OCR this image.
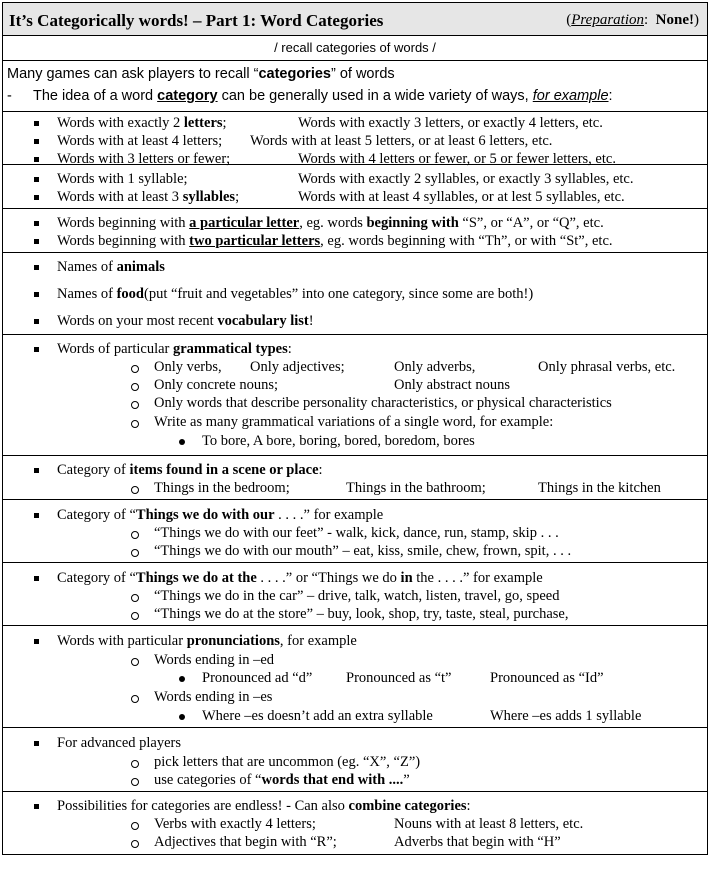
It’s Categorically words! – Part 1: Word Categories	(Preparation:  None!)

/ recall categories of words /

Many games can ask players to recall “categories” of words
- The idea of a word category can be generally used in a wide variety of ways, for example:

Words with exactly 2 letters;	Words with exactly 3 letters, or exactly 4 letters, etc.
Words with at least 4 letters; Words with at least 5 letters, or at least 6 letters, etc.
Words with 3 letters or fewer;	Words with 4 letters or fewer, or 5 or fewer letters, etc.

Words with 1 syllable;	Words with exactly 2 syllables, or exactly 3 syllables, etc.
Words with at least 3 syllables;	Words with at least 4 syllables, or at lest 5 syllables, etc.

Words beginning with a particular letter, eg. words beginning with “S”, or “A”, or “Q”, etc.
Words beginning with two particular letters, eg. words beginning with “Th”, or with “St”, etc.

Names of animals
Names of food(put “fruit and vegetables” into one category, since some are both!)
Words on your most recent vocabulary list!

Words of particular grammatical types:
Only verbs, Only adjectives;	Only adverbs,	Only phrasal verbs, etc.
Only concrete nouns;	Only abstract nouns
Only words that describe personality characteristics, or physical characteristics
Write as many grammatical variations of a single word, for example:
To bore, A bore, boring, bored, boredom, bores

Category of items found in a scene or place:
Things in the bedroom;	Things in the bathroom;	Things in the kitchen

Category of “Things we do with our . . . .” for example
“Things we do with our feet” - walk, kick, dance, run, stamp, skip . . .
“Things we do with our mouth” – eat, kiss, smile, chew, frown, spit, . . .

Category of “Things we do at the . . . .” or “Things we do in the . . . .” for example
“Things we do in the car” – drive, talk, watch, listen, travel, go, speed
“Things we do at the store” – buy, look, shop, try, taste, steal, purchase,

Words with particular pronunciations, for example
Words ending in –ed
Pronounced ad “d” Pronounced as “t”	Pronounced as “Id”
Words ending in –es
Where –es doesn’t add an extra syllable	Where –es adds 1 syllable

For advanced players
pick letters that are uncommon (eg. “X”, “Z”)
use categories of “words that end with ....”

Possibilities for categories are endless! - Can also combine categories:
Verbs with exactly 4 letters;	Nouns with at least 8 letters, etc.
Adjectives that begin with “R”;	Adverbs that begin with “H”
